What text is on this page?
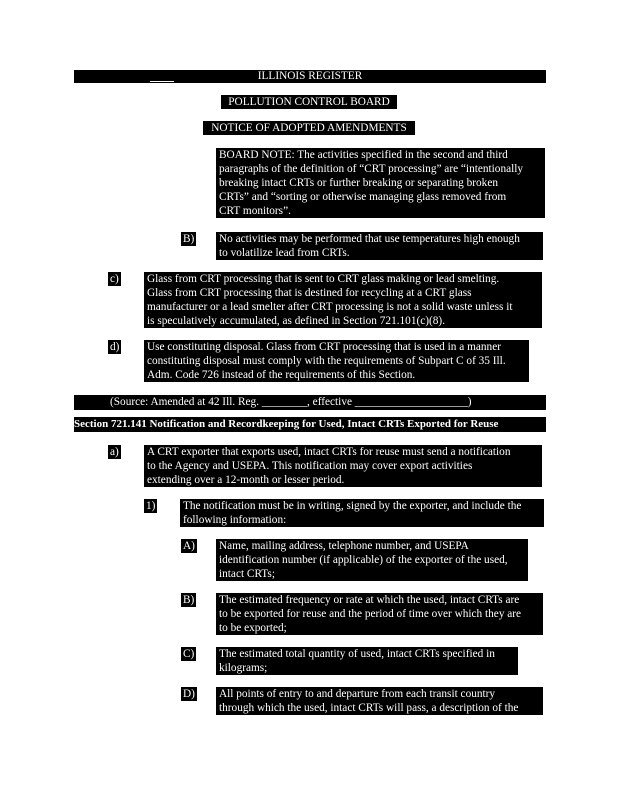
ILLINOIS REGISTER
POLLUTION CONTROL BOARD
NOTICE OF ADOPTED AMENDMENTS
BOARD NOTE: The activities specified in the second and third
paragraphs of the definition of “CRT processing” are “intentionally
breaking intact CRTs or further breaking or separating broken
CRTs” and “sorting or otherwise managing glass removed from
CRT monitors”.
B) No activities may be performed that use temperatures high enough
to volatilize lead from CRTs.
c) Glass from CRT processing that is sent to CRT glass making or lead smelting.
Glass from CRT processing that is destined for recycling at a CRT glass
manufacturer or a lead smelter after CRT processing is not a solid waste unless it
is speculatively accumulated, as defined in Section 721.101(c)(8).
d) Use constituting disposal. Glass from CRT processing that is used in a manner
constituting disposal must comply with the requirements of Subpart C of 35 Ill.
Adm. Code 726 instead of the requirements of this Section.
(Source: Amended at 42 Ill. Reg. ________, effective ____________________)
Section 721.141 Notification and Recordkeeping for Used, Intact CRTs Exported for Reuse
a) A CRT exporter that exports used, intact CRTs for reuse must send a notification
to the Agency and USEPA. This notification may cover export activities
extending over a 12-month or lesser period.
1) The notification must be in writing, signed by the exporter, and include the
following information:
A) Name, mailing address, telephone number, and USEPA
identification number (if applicable) of the exporter of the used,
intact CRTs;
B) The estimated frequency or rate at which the used, intact CRTs are
to be exported for reuse and the period of time over which they are
to be exported;
C) The estimated total quantity of used, intact CRTs specified in
kilograms;
D) All points of entry to and departure from each transit country
through which the used, intact CRTs will pass, a description of the
